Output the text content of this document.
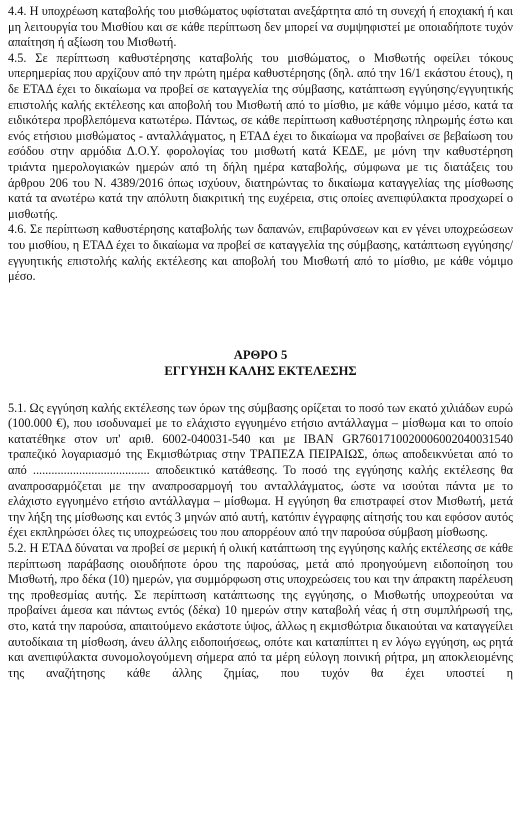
4.4. Η υποχρέωση καταβολής του μισθώματος υφίσταται ανεξάρτητα από τη συνεχή ή εποχιακή ή και μη λειτουργία του Μισθίου και σε κάθε περίπτωση δεν μπορεί να συμψηφιστεί με οποιαδήποτε τυχόν απαίτηση ή αξίωση του Μισθωτή.

4.5. Σε περίπτωση καθυστέρησης καταβολής του μισθώματος, ο Μισθωτής οφείλει τόκους υπερημερίας που αρχίζουν από την πρώτη ημέρα καθυστέρησης (δηλ. από την 16/1 εκάστου έτους), η δε ΕΤΑΔ έχει το δικαίωμα να προβεί σε καταγγελία της σύμβασης, κατάπτωση εγγύησης/εγγυητικής επιστολής καλής εκτέλεσης και αποβολή του Μισθωτή από το μίσθιο, με κάθε νόμιμο μέσο, κατά τα ειδικότερα προβλεπόμενα κατωτέρω. Πάντως, σε κάθε περίπτωση καθυστέρησης πληρωμής έστω και ενός ετήσιου μισθώματος - ανταλλάγματος, η ΕΤΑΔ έχει το δικαίωμα να προβαίνει σε βεβαίωση του εσόδου στην αρμόδια Δ.Ο.Υ. φορολογίας του μισθωτή κατά ΚΕΔΕ, με μόνη την καθυστέρηση τριάντα ημερολογιακών ημερών από τη δήλη ημέρα καταβολής, σύμφωνα με τις διατάξεις του άρθρου 206 του Ν. 4389/2016 όπως ισχύουν, διατηρώντας το δικαίωμα καταγγελίας της μίσθωσης κατά τα ανωτέρω κατά την απόλυτη διακριτική της ευχέρεια, στις οποίες ανεπιφύλακτα προσχωρεί ο μισθωτής.

4.6. Σε περίπτωση καθυστέρησης καταβολής των δαπανών, επιβαρύνσεων και εν γένει υποχρεώσεων του μισθίου, η ΕΤΑΔ έχει το δικαίωμα να προβεί σε καταγγελία της σύμβασης, κατάπτωση εγγύησης/εγγυητικής επιστολής καλής εκτέλεσης και αποβολή του Μισθωτή από το μίσθιο, με κάθε νόμιμο μέσο.

ΑΡΘΡΟ 5

ΕΓΓΥΗΣΗ ΚΑΛΗΣ ΕΚΤΕΛΕΣΗΣ

5.1. Ως εγγύηση καλής εκτέλεσης των όρων της σύμβασης ορίζεται το ποσό των εκατό χιλιάδων ευρώ (100.000 €), που ισοδυναμεί με το ελάχιστο εγγυημένο ετήσιο αντάλλαγμα – μίσθωμα και το οποίο κατατέθηκε στον υπ' αριθ. 6002-040031-540 και με IBAN GR7601710020006002040031540 τραπεζικό λογαριασμό της Εκμισθώτριας στην ΤΡΑΠΕΖΑ ΠΕΙΡΑΙΩΣ, όπως αποδεικνύεται από το από ...................................... αποδεικτικό κατάθεσης. Το ποσό της εγγύησης καλής εκτέλεσης θα αναπροσαρμόζεται με την αναπροσαρμογή του ανταλλάγματος, ώστε να ισούται πάντα με το ελάχιστο εγγυημένο ετήσιο αντάλλαγμα – μίσθωμα. Η εγγύηση θα επιστραφεί στον Μισθωτή, μετά την λήξη της μίσθωσης και εντός 3 μηνών από αυτή, κατόπιν έγγραφης αίτησής του και εφόσον αυτός έχει εκπληρώσει όλες τις υποχρεώσεις του που απορρέουν από την παρούσα σύμβαση μίσθωσης.

5.2. Η ΕΤΑΔ δύναται να προβεί σε μερική ή ολική κατάπτωση της εγγύησης καλής εκτέλεσης σε κάθε περίπτωση παράβασης οιουδήποτε όρου της παρούσας, μετά από προηγούμενη ειδοποίηση του Μισθωτή, προ δέκα (10) ημερών, για συμμόρφωση στις υποχρεώσεις του και την άπρακτη παρέλευση της προθεσμίας αυτής. Σε περίπτωση κατάπτωσης της εγγύησης, ο Μισθωτής υποχρεούται να προβαίνει άμεσα και πάντως εντός (δέκα) 10 ημερών στην καταβολή νέας ή στη συμπλήρωσή της, στο, κατά την παρούσα, απαιτούμενο εκάστοτε ύψος, άλλως η εκμισθώτρια δικαιούται να καταγγείλει αυτοδίκαια τη μίσθωση, άνευ άλλης ειδοποιήσεως, οπότε και καταπίπτει η εν λόγω εγγύηση, ως ρητά και ανεπιφύλακτα συνομολογούμενη σήμερα από τα μέρη εύλογη ποινική ρήτρα, μη αποκλειομένης της αναζήτησης κάθε άλλης ζημίας, που τυχόν θα έχει υποστεί η
